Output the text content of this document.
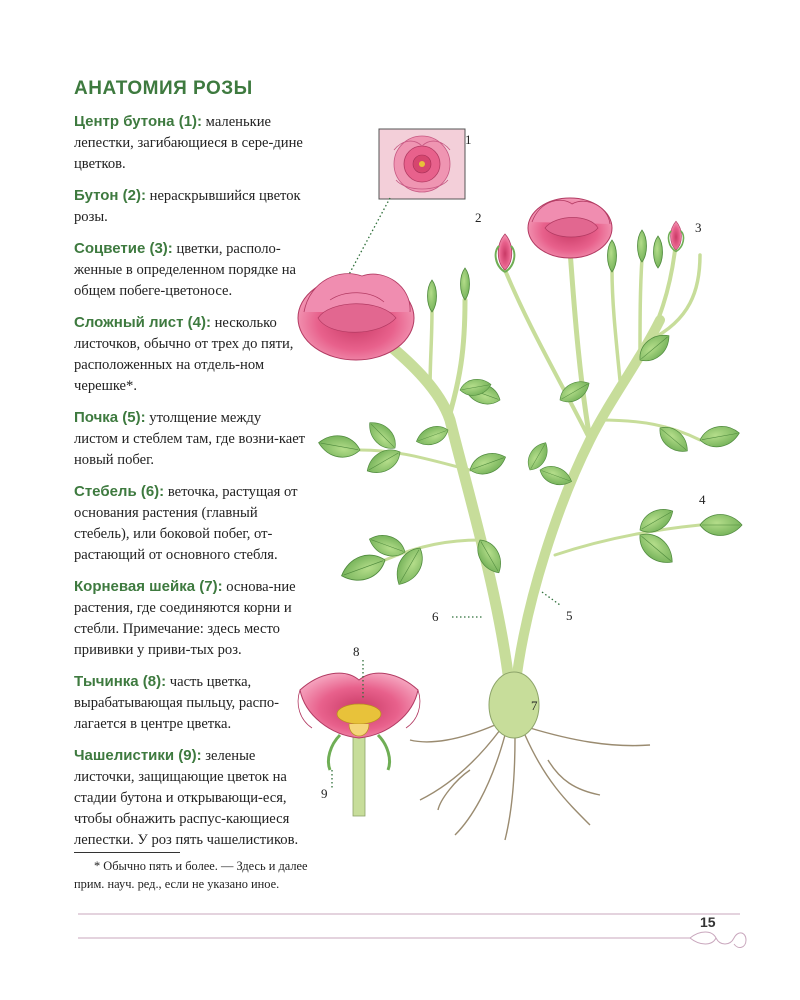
АНАТОМИЯ РОЗЫ
Центр бутона (1): маленькие лепестки, загибающиеся в сере-дине цветков.
Бутон (2): нераскрывшийся цветок розы.
Соцветие (3): цветки, располо-женные в определенном порядке на общем побеге-цветоносе.
Сложный лист (4): несколько листочков, обычно от трех до пяти, расположенных на отдель-ном черешке*.
Почка (5): утолщение между листом и стеблем там, где возни-кает новый побег.
Стебель (6): веточка, растущая от основания растения (главный стебель), или боковой побег, от-растающий от основного стебля.
Корневая шейка (7): основа-ние растения, где соединяются корни и стебли. Примечание: здесь место прививки у приви-тых роз.
Тычинка (8): часть цветка, вырабатывающая пыльцу, распо-лагается в центре цветка.
Чашелистики (9): зеленые листочки, защищающие цветок на стадии бутона и открывающи-еся, чтобы обнажить распус-кающиеся лепестки. У роз пять чашелистиков.
* Обычно пять и более. — Здесь и далее прим. науч. ред., если не указано иное.
1
2
3
4
5
6
7
8
9
15
